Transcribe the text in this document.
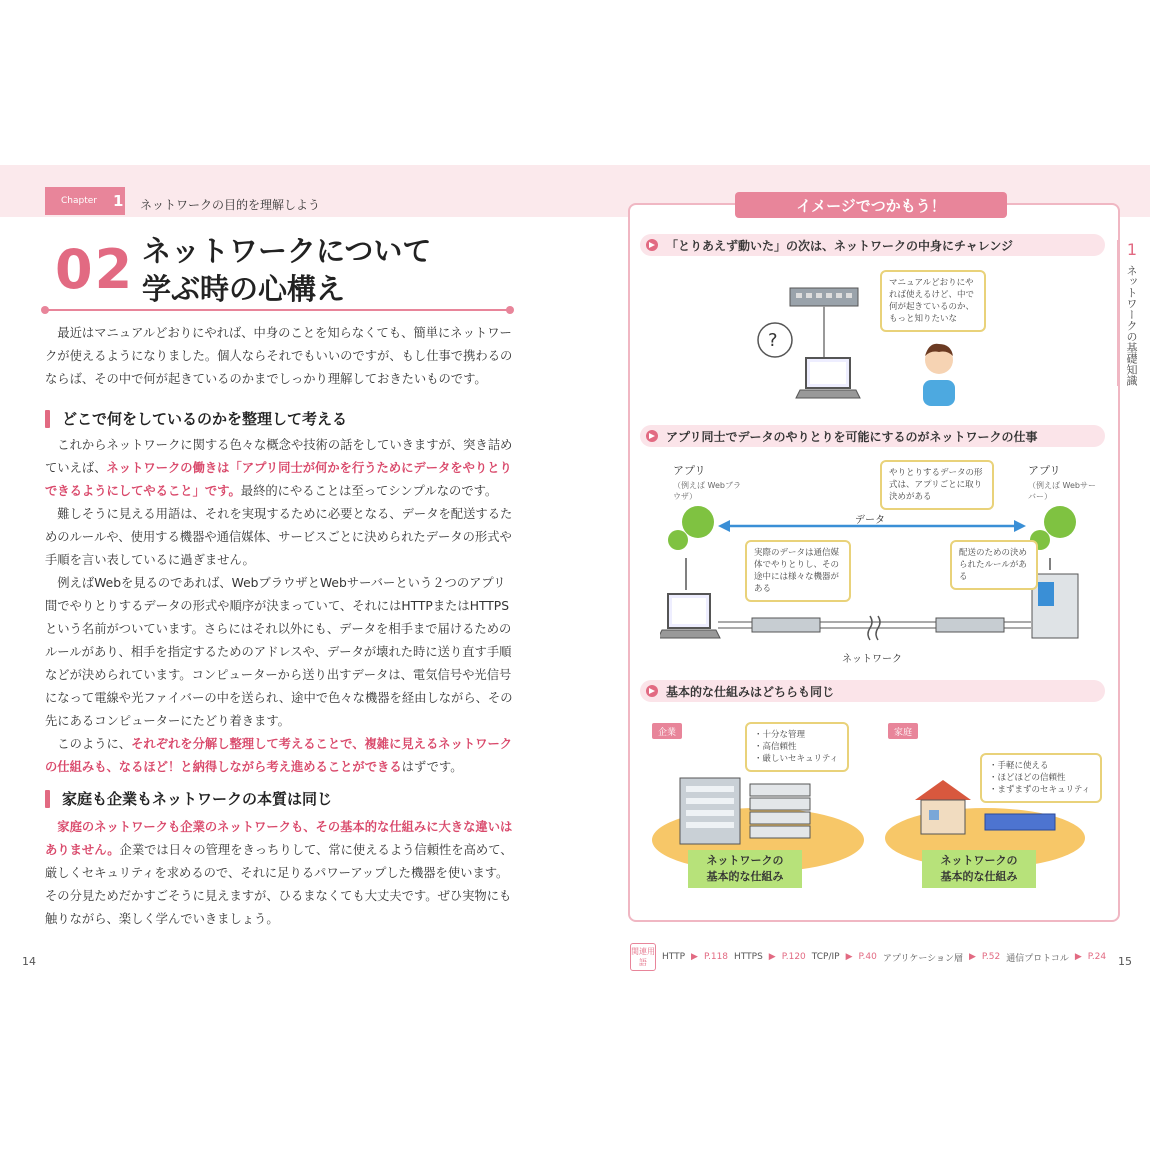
Chapter 1 ネットワークの目的を理解しよう
02 ネットワークについて
学ぶ時の心構え

最近はマニュアルどおりにやれば、中身のことを知らなくても、簡単にネットワークが使えるようになりました。個人ならそれでもいいのですが、もし仕事で携わるのならば、その中で何が起きているのかまでしっかり理解しておきたいものです。

どこで何をしているのかを整理して考える

これからネットワークに関する色々な概念や技術の話をしていきますが、突き詰めていえば、ネットワークの働きは「アプリ同士が何かを行うためにデータをやりとりできるようにしてやること」です。最終的にやることは至ってシンプルなのです。

難しそうに見える用語は、それを実現するために必要となる、データを配送するためのルールや、使用する機器や通信媒体、サービスごとに決められたデータの形式や手順を言い表しているに過ぎません。

例えばWebを見るのであれば、WebブラウザとWebサーバーという２つのアプリ間でやりとりするデータの形式や順序が決まっていて、それにはHTTPまたはHTTPSという名前がついています。さらにはそれ以外にも、データを相手まで届けるためのルールがあり、相手を指定するためのアドレスや、データが壊れた時に送り直す手順などが決められています。コンピューターから送り出すデータは、電気信号や光信号になって電線や光ファイバーの中を送られ、途中で色々な機器を経由しながら、その先にあるコンピューターにたどり着きます。

このように、それぞれを分解し整理して考えることで、複雑に見えるネットワークの仕組みも、なるほど！と納得しながら考え進めることができるはずです。

家庭も企業もネットワークの本質は同じ

家庭のネットワークも企業のネットワークも、その基本的な仕組みに大きな違いはありません。企業では日々の管理をきっちりして、常に使えるよう信頼性を高めて、厳しくセキュリティを求めるので、それに足りるパワーアップした機器を使います。その分見ためだかすごそうに見えますが、ひるまなくても大丈夫です。ぜひ実物にも触りながら、楽しく学んでいきましょう。

14	15
イメージでつかもう！
「とりあえず動いた」の次は、ネットワークの中身にチャレンジ
?
マニュアルどおりにやれば使えるけど、中で何が起きているのか、もっと知りたいな
アプリ同士でデータのやりとりを可能にするのがネットワークの仕事
アプリ
（例えば Webブラウザ）
アプリ
（例えば Webサーバー）
データ
やりとりするデータの形式は、アプリごとに取り決めがある
実際のデータは通信媒体でやりとりし、その途中には様々な機器がある
配送のための決められたルールがある
ネットワーク
基本的な仕組みはどちらも同じ
企業	・十分な管理
・高信頼性
・厳しいセキュリティ
ネットワークの
基本的な仕組み
家庭
・手軽に使える
・ほどほどの信頼性
・まずまずのセキュリティ
ネットワークの
基本的な仕組み
1
ネットワークの基礎知識
関連用語
HTTP ▶ P.118 HTTPS ▶ P.120 TCP/IP ▶ P.40 アプリケーション層 ▶ P.52 通信プロトコル ▶ P.24
